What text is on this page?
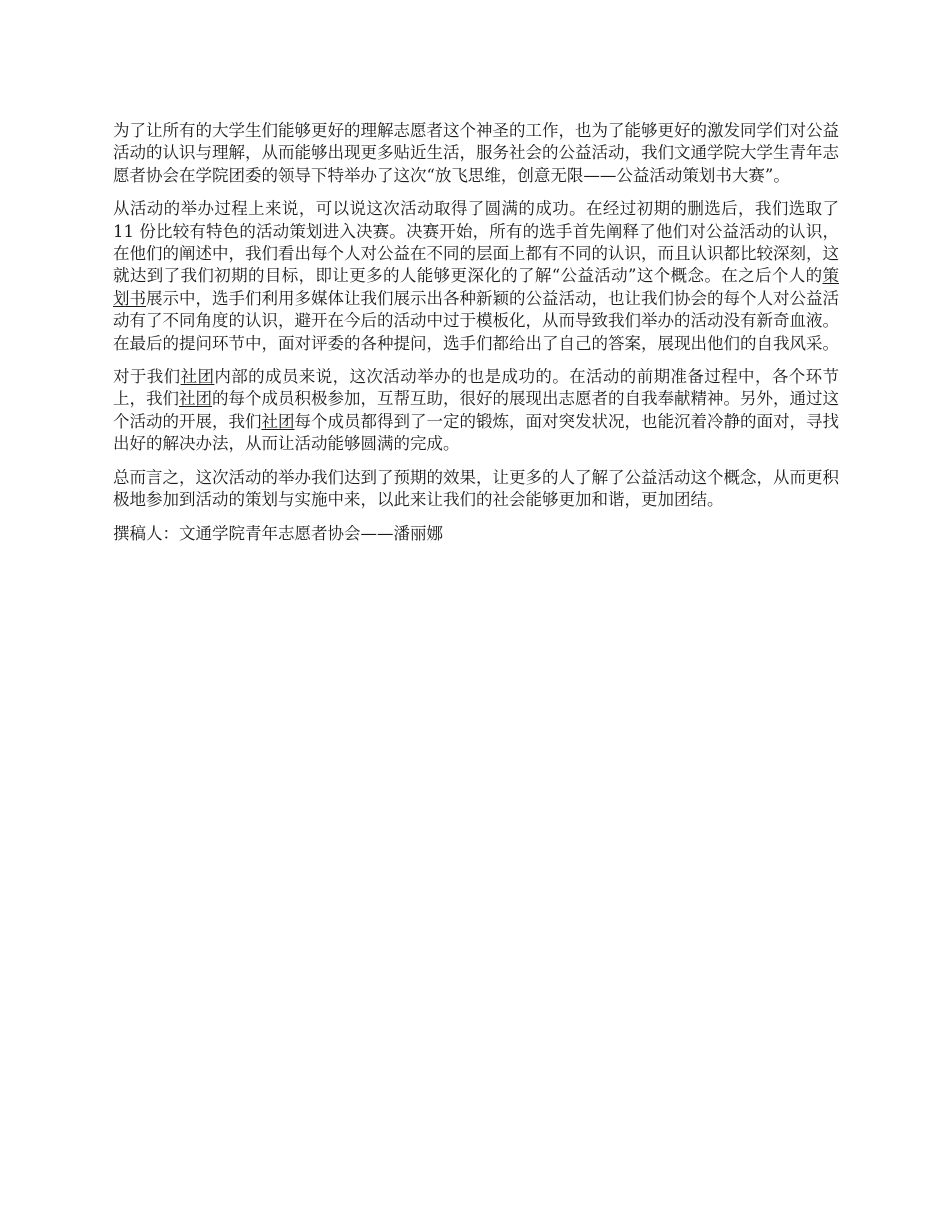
为了让所有的大学生们能够更好的理解志愿者这个神圣的工作，也为了能够更好的激发同学们对公益活动的认识与理解，从而能够出现更多贴近生活，服务社会的公益活动，我们文通学院大学生青年志愿者协会在学院团委的领导下特举办了这次“放飞思维，创意无限——公益活动策划书大赛”。

从活动的举办过程上来说，可以说这次活动取得了圆满的成功。在经过初期的删选后，我们选取了 11 份比较有特色的活动策划进入决赛。决赛开始，所有的选手首先阐释了他们对公益活动的认识，在他们的阐述中，我们看出每个人对公益在不同的层面上都有不同的认识，而且认识都比较深刻，这就达到了我们初期的目标，即让更多的人能够更深化的了解“公益活动”这个概念。在之后个人的策划书展示中，选手们利用多媒体让我们展示出各种新颖的公益活动，也让我们协会的每个人对公益活动有了不同角度的认识，避开在今后的活动中过于模板化，从而导致我们举办的活动没有新奇血液。在最后的提问环节中，面对评委的各种提问，选手们都给出了自己的答案，展现出他们的自我风采。

对于我们社团内部的成员来说，这次活动举办的也是成功的。在活动的前期准备过程中，各个环节上，我们社团的每个成员积极参加，互帮互助，很好的展现出志愿者的自我奉献精神。另外，通过这个活动的开展，我们社团每个成员都得到了一定的锻炼，面对突发状况，也能沉着冷静的面对，寻找出好的解决办法，从而让活动能够圆满的完成。

总而言之，这次活动的举办我们达到了预期的效果，让更多的人了解了公益活动这个概念，从而更积极地参加到活动的策划与实施中来，以此来让我们的社会能够更加和谐，更加团结。

撰稿人：文通学院青年志愿者协会——潘丽娜
